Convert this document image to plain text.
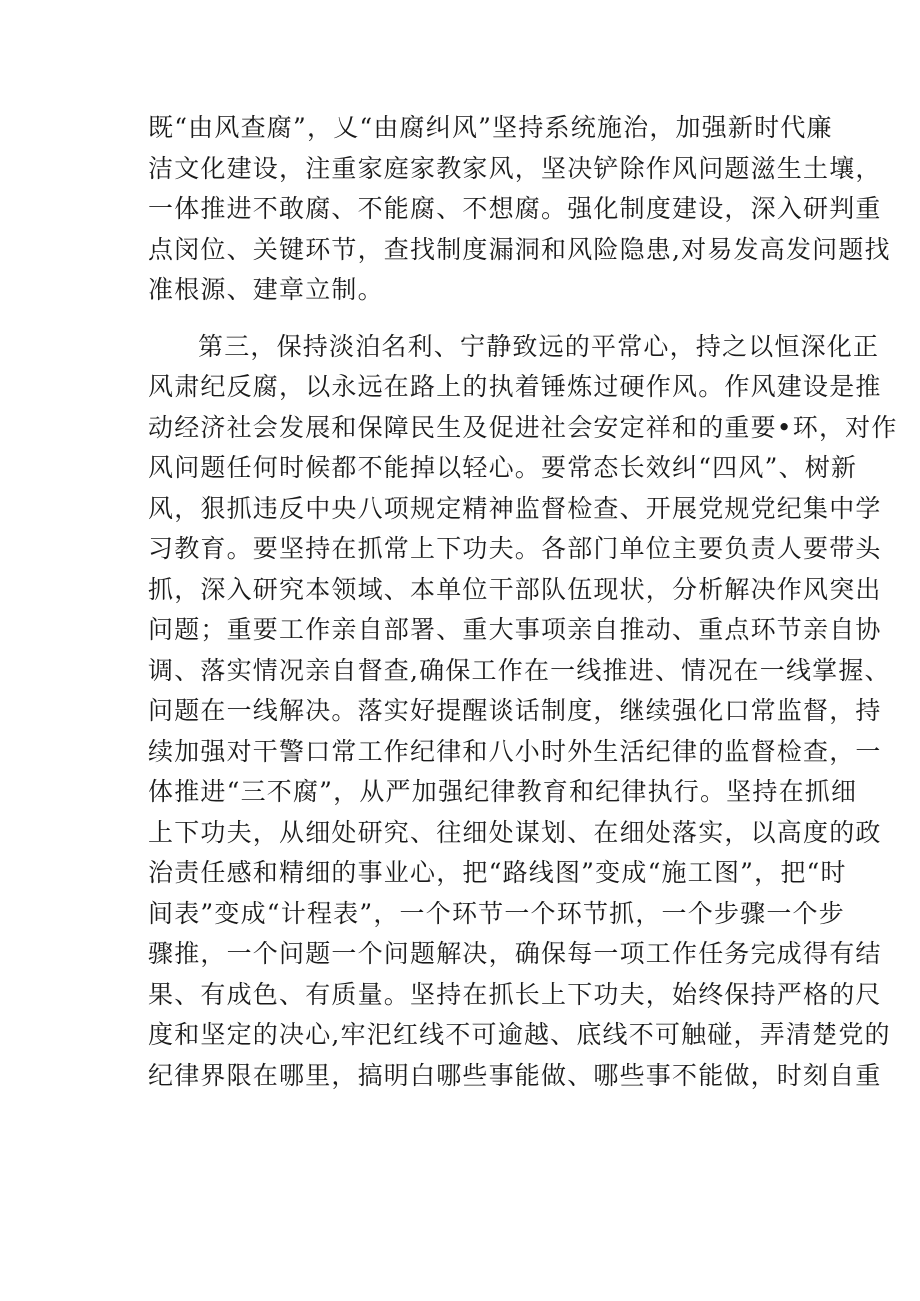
既“由风查腐”，乂“由腐纠风”坚持系统施治，加强新时代廉
洁文化建设，注重家庭家教家风，坚决铲除作风问题滋生土壤，
一体推进不敢腐、不能腐、不想腐。强化制度建设，深入研判重
点闵位、关键环节，查找制度漏洞和风险隐患,对易发高发问题找
准根源、建章立制。
第三，保持淡泊名利、宁静致远的平常心，持之以恒深化正
风肃纪反腐，以永远在路上的执着锤炼过硬作风。作风建设是推
动经济社会发展和保障民生及促进社会安定祥和的重要•环，对作
风问题任何时候都不能掉以轻心。要常态长效纠“四风”、树新
风，狠抓违反中央八项规定精神监督检查、开展党规党纪集中学
习教育。要坚持在抓常上下功夫。各部门单位主要负责人要带头
抓，深入研究本领域、本单位干部队伍现状，分析解决作风突出
问题；重要工作亲自部署、重大事项亲自推动、重点环节亲自协
调、落实情况亲自督查,确保工作在一线推进、情况在一线掌握、
问题在一线解决。落实好提醒谈话制度，继续强化口常监督，持
续加强对干警口常工作纪律和八小时外生活纪律的监督检查，一
体推进“三不腐”，从严加强纪律教育和纪律执行。坚持在抓细
上下功夫，从细处研究、往细处谋划、在细处落实，以高度的政
治责任感和精细的事业心，把“路线图”变成“施工图”，把“时
间表”变成“计程表”，一个环节一个环节抓，一个步骤一个步
骤推，一个问题一个问题解决，确保每一项工作任务完成得有结
果、有成色、有质量。坚持在抓长上下功夫，始终保持严格的尺
度和坚定的决心,牢汜红线不可逾越、底线不可触碰，弄清楚党的
纪律界限在哪里，搞明白哪些事能做、哪些事不能做，时刻自重
